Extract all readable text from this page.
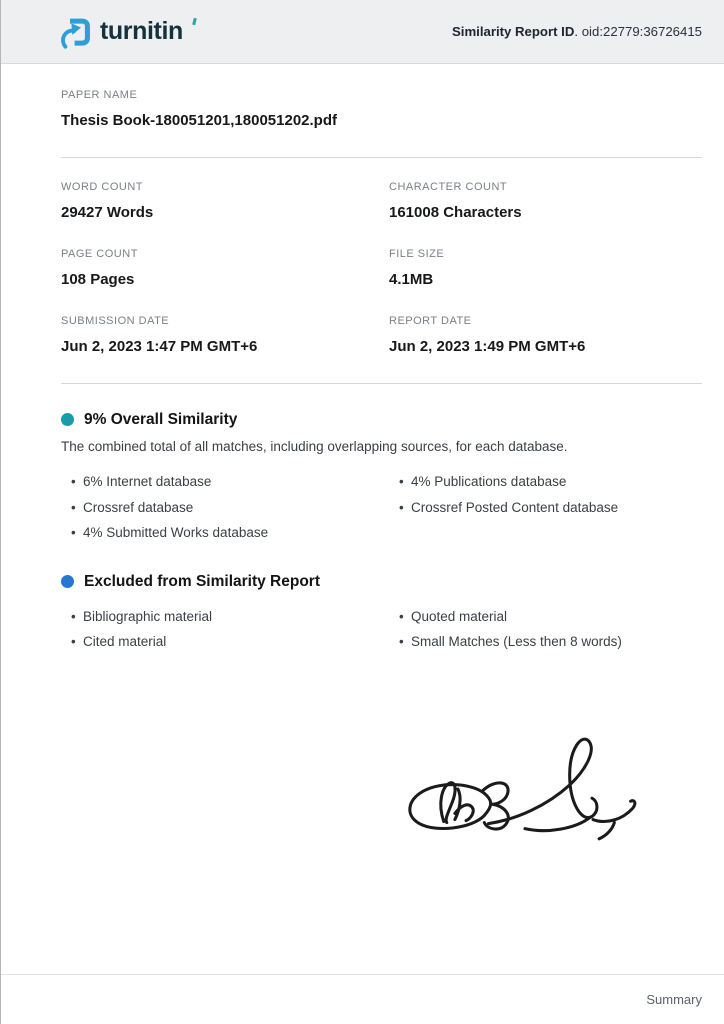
turnitin	Similarity Report ID. oid:22779:36726415
PAPER NAME
Thesis Book-180051201,180051202.pdf
WORD COUNT
29427 Words
CHARACTER COUNT
161008 Characters
PAGE COUNT
108 Pages
FILE SIZE
4.1MB
SUBMISSION DATE
Jun 2, 2023 1:47 PM GMT+6
REPORT DATE
Jun 2, 2023 1:49 PM GMT+6
9% Overall Similarity
The combined total of all matches, including overlapping sources, for each database.
• 6% Internet database
• Crossref database
• 4% Submitted Works database
• 4% Publications database
• Crossref Posted Content database
Excluded from Similarity Report
• Bibliographic material
• Cited material
• Quoted material
• Small Matches (Less then 8 words)
Summary
